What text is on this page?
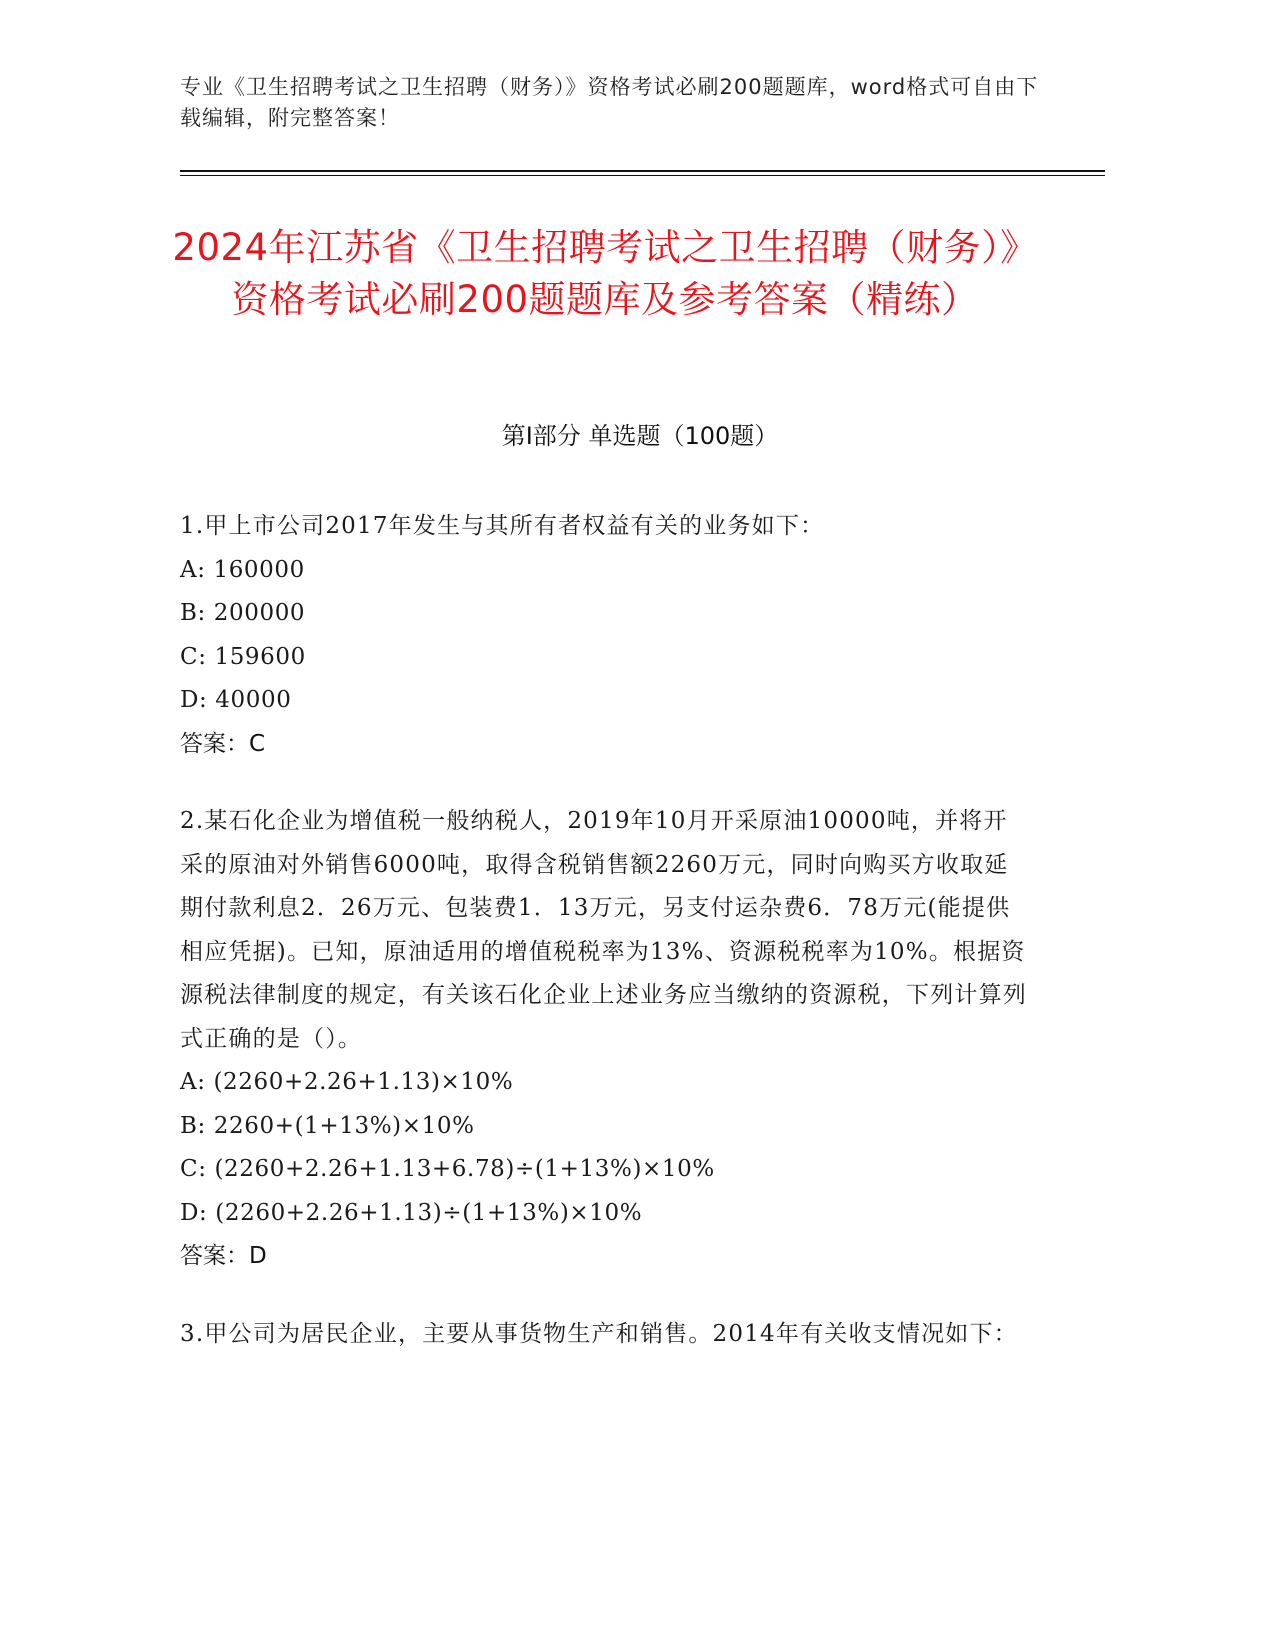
专业《卫生招聘考试之卫生招聘（财务）》资格考试必刷200题题库，word格式可自由下载编辑，附完整答案！
2024年江苏省《卫生招聘考试之卫生招聘（财务）》资格考试必刷200题题库及参考答案（精练）
第I部分 单选题（100题）
1.甲上市公司2017年发生与其所有者权益有关的业务如下：
A: 160000
B: 200000
C: 159600
D: 40000
答案：C
2.某石化企业为增值税一般纳税人，2019年10月开采原油10000吨，并将开采的原油对外销售6000吨，取得含税销售额2260万元，同时向购买方收取延期付款利息2．26万元、包装费1．13万元，另支付运杂费6．78万元(能提供相应凭据)。已知，原油适用的增值税税率为13%、资源税税率为10%。根据资源税法律制度的规定，有关该石化企业上述业务应当缴纳的资源税，下列计算列式正确的是（）。
A: (2260+2.26+1.13)×10%
B: 2260+(1+13%)×10%
C: (2260+2.26+1.13+6.78)÷(1+13%)×10%
D: (2260+2.26+1.13)÷(1+13%)×10%
答案：D
3.甲公司为居民企业，主要从事货物生产和销售。2014年有关收支情况如下：
